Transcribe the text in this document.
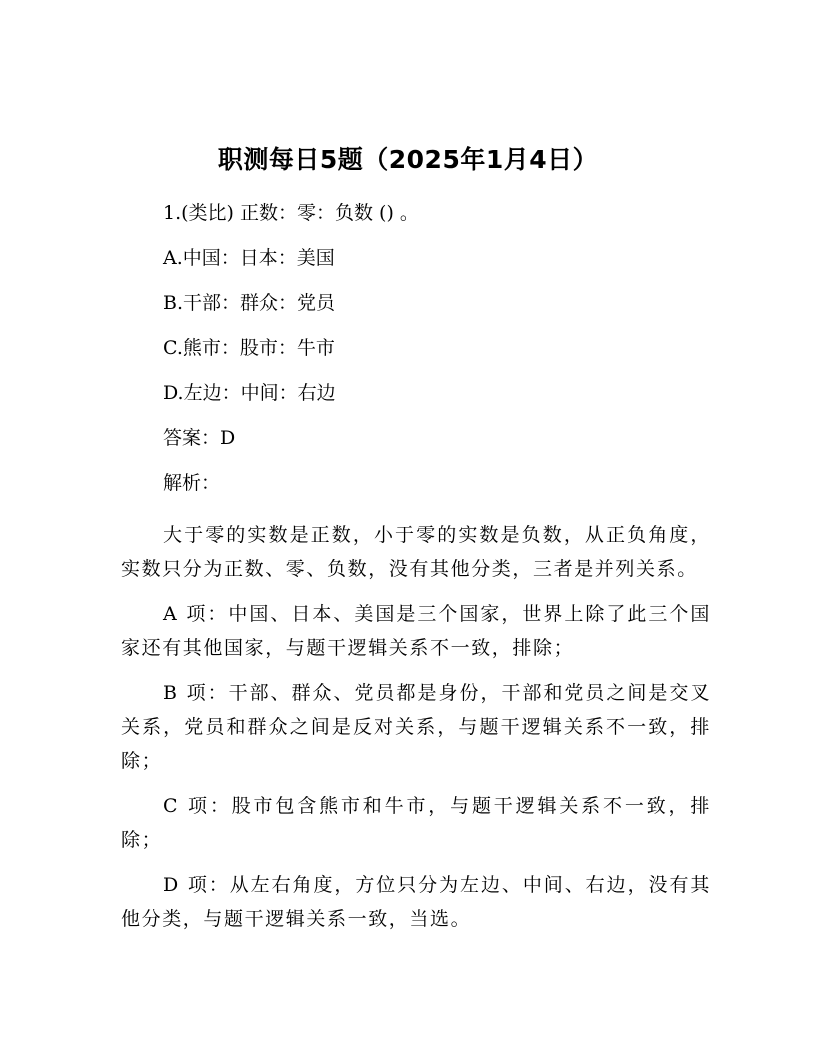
职测每日5题（2025年1月4日）

1.(类比) 正数：零：负数 () 。

A.中国：日本：美国

B.干部：群众：党员

C.熊市：股市：牛市

D.左边：中间：右边

答案：D

解析：

大于零的实数是正数，小于零的实数是负数，从正负角度，实数只分为正数、零、负数，没有其他分类，三者是并列关系。

A 项：中国、日本、美国是三个国家，世界上除了此三个国家还有其他国家，与题干逻辑关系不一致，排除；

B 项：干部、群众、党员都是身份，干部和党员之间是交叉关系，党员和群众之间是反对关系，与题干逻辑关系不一致，排除；

C 项：股市包含熊市和牛市，与题干逻辑关系不一致，排除；

D 项：从左右角度，方位只分为左边、中间、右边，没有其他分类，与题干逻辑关系一致，当选。
